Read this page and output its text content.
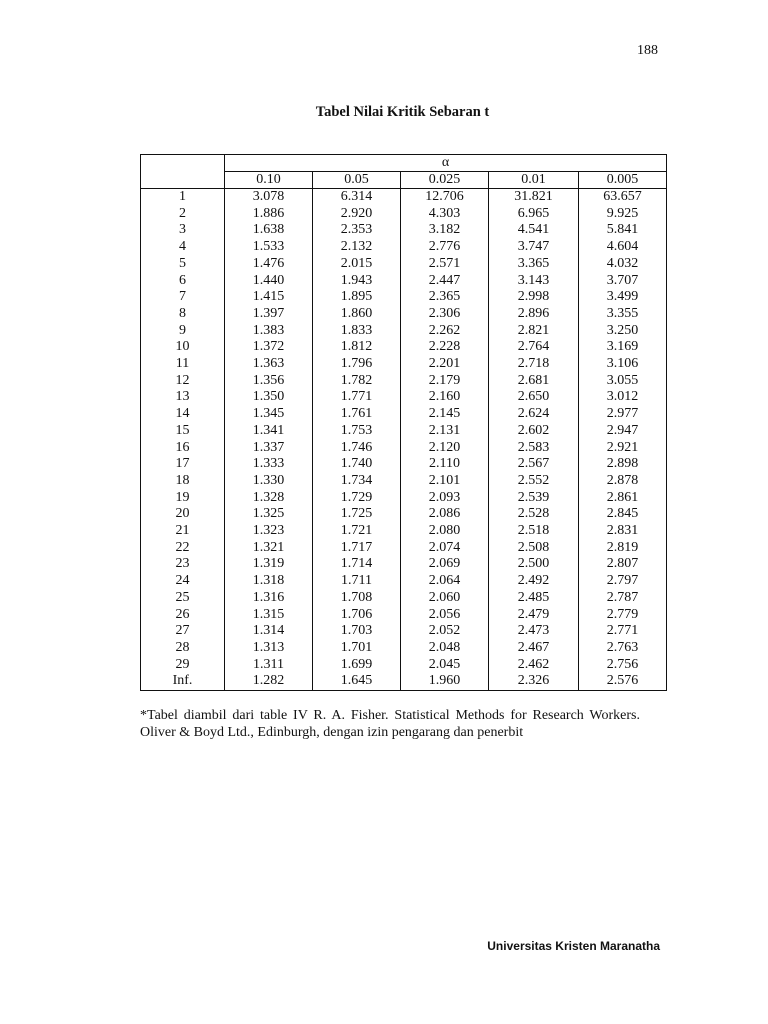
188
Tabel Nilai Kritik Sebaran t
	α				
	0.10	0.05	0.025	0.01	0.005
1	3.078	6.314	12.706	31.821	63.657
2	1.886	2.920	4.303	6.965	9.925
3	1.638	2.353	3.182	4.541	5.841
4	1.533	2.132	2.776	3.747	4.604
5	1.476	2.015	2.571	3.365	4.032
6	1.440	1.943	2.447	3.143	3.707
7	1.415	1.895	2.365	2.998	3.499
8	1.397	1.860	2.306	2.896	3.355
9	1.383	1.833	2.262	2.821	3.250
10	1.372	1.812	2.228	2.764	3.169
11	1.363	1.796	2.201	2.718	3.106
12	1.356	1.782	2.179	2.681	3.055
13	1.350	1.771	2.160	2.650	3.012
14	1.345	1.761	2.145	2.624	2.977
15	1.341	1.753	2.131	2.602	2.947
16	1.337	1.746	2.120	2.583	2.921
17	1.333	1.740	2.110	2.567	2.898
18	1.330	1.734	2.101	2.552	2.878
19	1.328	1.729	2.093	2.539	2.861
20	1.325	1.725	2.086	2.528	2.845
21	1.323	1.721	2.080	2.518	2.831
22	1.321	1.717	2.074	2.508	2.819
23	1.319	1.714	2.069	2.500	2.807
24	1.318	1.711	2.064	2.492	2.797
25	1.316	1.708	2.060	2.485	2.787
26	1.315	1.706	2.056	2.479	2.779
27	1.314	1.703	2.052	2.473	2.771
28	1.313	1.701	2.048	2.467	2.763
29	1.311	1.699	2.045	2.462	2.756
Inf.	1.282	1.645	1.960	2.326	2.576
*Tabel diambil dari table IV R. A. Fisher. Statistical Methods for Research Workers. Oliver & Boyd Ltd., Edinburgh, dengan izin pengarang dan penerbit
Universitas Kristen Maranatha
